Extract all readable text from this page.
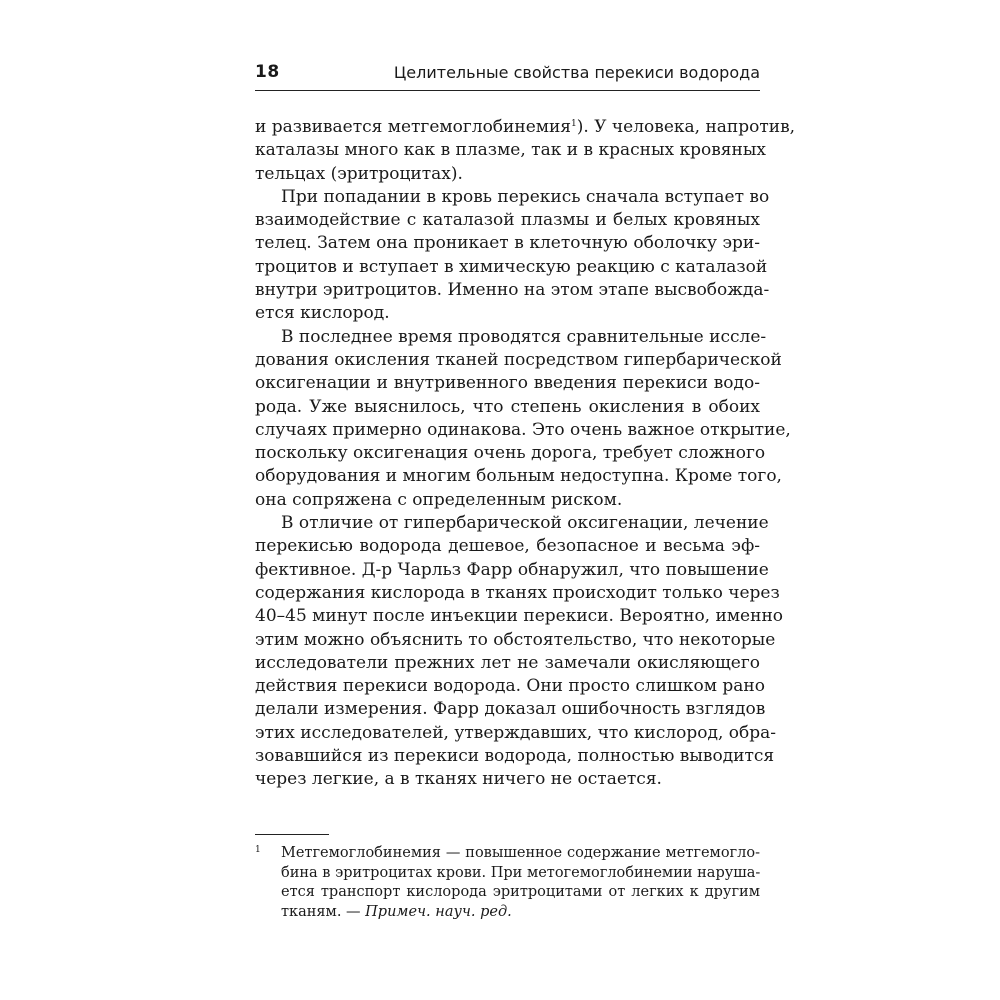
18	Целительные свойства перекиси водорода
и развивается метгемоглобинемия$^1$). У человека, напротив,
каталазы много как в плазме, так и в красных кровяных
тельцах (эритроцитах).
При попадании в кровь перекись сначала вступает во
взаимодействие с каталазой плазмы и белых кровяных
телец. Затем она проникает в клеточную оболочку эри-
троцитов и вступает в химическую реакцию с каталазой
внутри эритроцитов. Именно на этом этапе высвобожда-
ется кислород.
В последнее время проводятся сравнительные иссле-
дования окисления тканей посредством гипербарической
оксигенации и внутривенного введения перекиси водо-
рода. Уже выяснилось, что степень окисления в обоих
случаях примерно одинакова. Это очень важное открытие,
поскольку оксигенация очень дорога, требует сложного
оборудования и многим больным недоступна. Кроме того,
она сопряжена с определенным риском.
В отличие от гипербарической оксигенации, лечение
перекисью водорода дешевое, безопасное и весьма эф-
фективное. Д-р Чарльз Фарр обнаружил, что повышение
содержания кислорода в тканях происходит только через
40–45 минут после инъекции перекиси. Вероятно, именно
этим можно объяснить то обстоятельство, что некоторые
исследователи прежних лет не замечали окисляющего
действия перекиси водорода. Они просто слишком рано
делали измерения. Фарр доказал ошибочность взглядов
этих исследователей, утверждавших, что кислород, обра-
зовавшийся из перекиси водорода, полностью выводится
через легкие, а в тканях ничего не остается.
1	Метгемоглобинемия — повышенное содержание метгемогло-
бина в эритроцитах крови. При метогемоглобинемии наруша-
ется транспорт кислорода эритроцитами от легких к другим
тканям. — Примеч. науч. ред.
